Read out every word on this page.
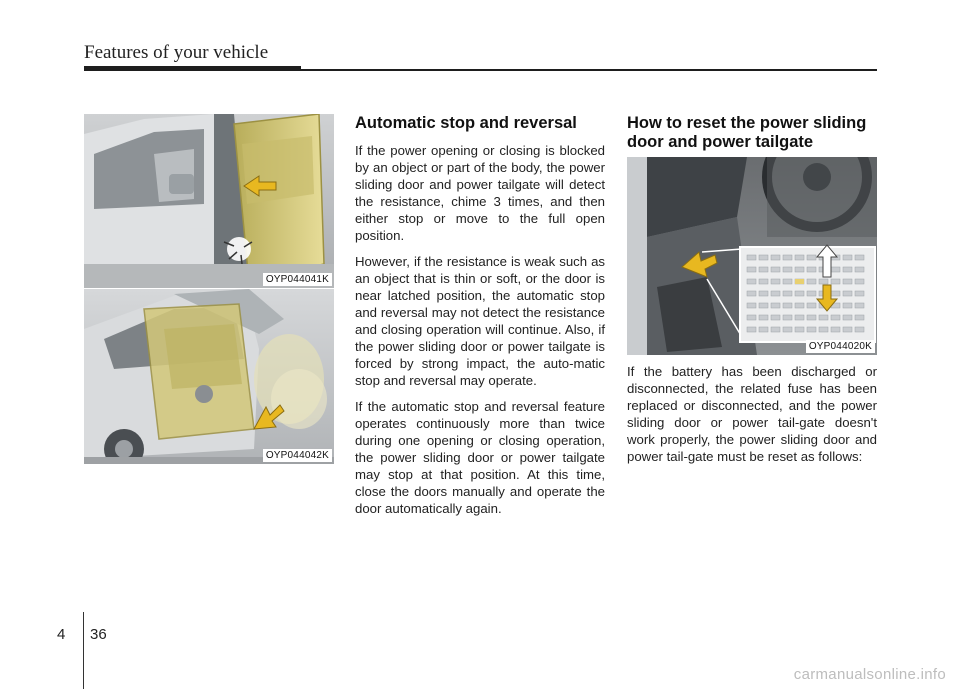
Features of your vehicle
OYP044041K
OYP044042K
Automatic stop and reversal

If the power opening or closing is blocked by an object or part of the body, the power sliding door and power tailgate will detect the resistance, chime 3 times, and then either stop or move to the full open position.

However, if the resistance is weak such as an object that is thin or soft, or the door is near latched position, the automatic stop and reversal may not detect the resistance and closing operation will continue. Also, if the power sliding door or power tailgate is forced by strong impact, the auto-matic stop and reversal may operate.

If the automatic stop and reversal feature operates continuously more than twice during one opening or closing operation, the power sliding door or power tailgate may stop at that position. At this time, close the doors manually and operate the door automatically again.

How to reset the power sliding door and power tailgate
OYP044020K

If the battery has been discharged or disconnected, the related fuse has been replaced or disconnected, and the power sliding door or power tail-gate doesn't work properly, the power sliding door and power tail-gate must be reset as follows:

4 36
carmanualsonline.info
